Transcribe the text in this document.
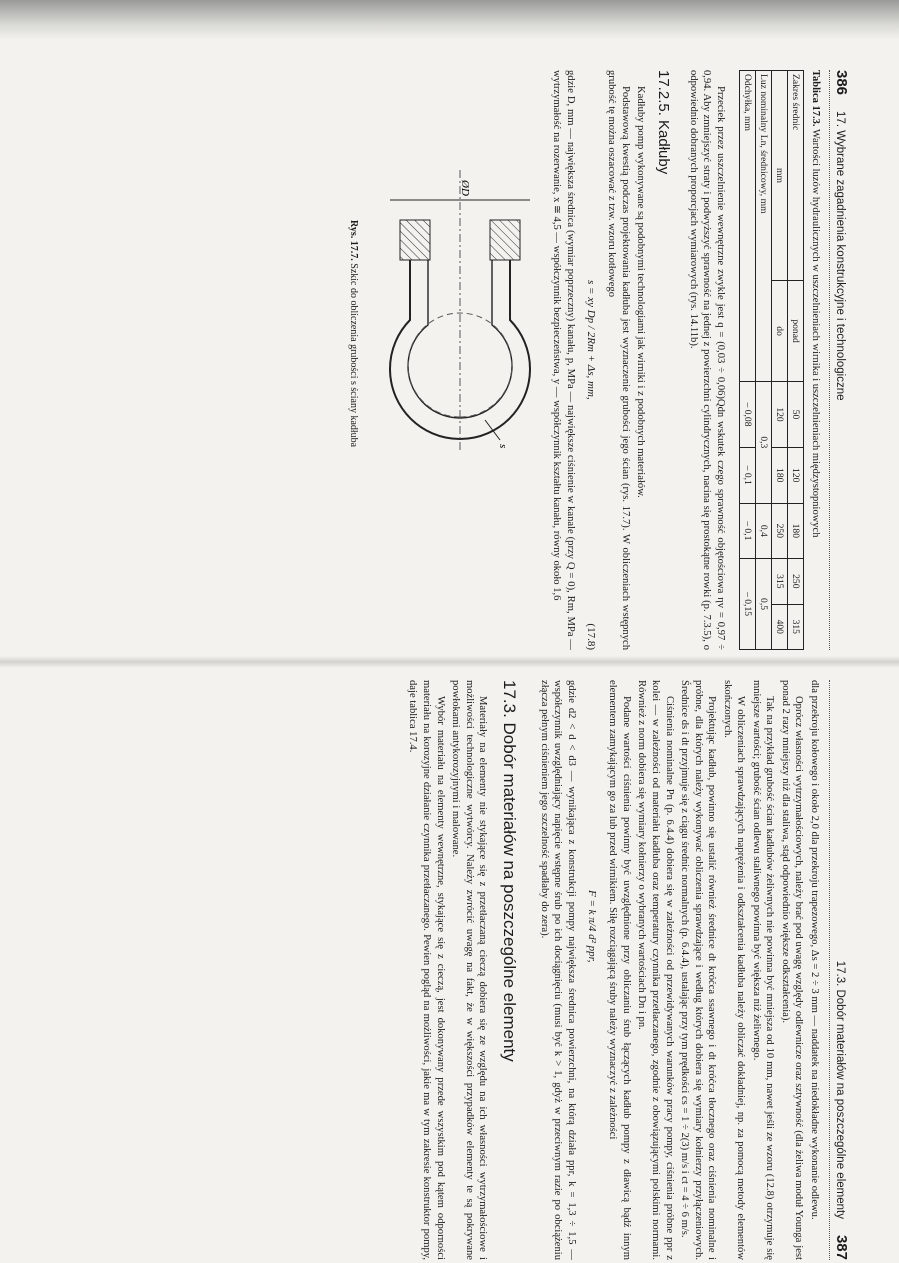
386
17. Wybrane zagadnienia konstrukcyjne i technologiczne
Tablica 17.3. Wartości luzów hydraulicznych w uszczelnieniach wirnika i uszczelnieniach międzystopniowych
Zakres średnic	ponad	50	120	180	250	315
mm	do	120	180	250	315	400
Luz nominalny Ln, średnicowy, mm		0,3		0,4	0,5	
Odchyłka, mm		– 0,08	– 0,1	– 0,1	– 0,15	

Przeciek przez uszczelnienie wewnętrzne zwykle jest q = (0,03 ÷ 0,06)Qdn wskutek czego sprawność objętościowa ηv = 0,97 ÷ 0,94. Aby zmniejszyć straty i podwyższyć sprawność na jednej z powierzchni cylindrycznych, nacina się prostokątne rowki (p. 7.3.5), o odpowiednio dobranych proporcjach wymiarowych (rys. 14.11b).

17.2.5. Kadłuby

Kadłuby pomp wykonywane są podobnymi technologiami jak wirniki i z podobnych materiałów.

Podstawową kwestią podczas projektowania kadłuba jest wyznaczenie grubości jego ścian (rys. 17.7). W obliczeniach wstępnych grubość tę można oszacować z tzw. wzoru kotłowego

s = xy Dp / 2Rm + Δs, mm,
(17.8)

gdzie D, mm — największa średnica (wymiar poprzeczny) kanału, p, MPa — największe ciśnienie w kanale (przy Q = 0), Rm, MPa — wytrzymałość na rozerwanie, x ≅ 4,5 — współczynnik bezpieczeństwa, y — współczynnik kształtu kanału, równy około 1,6

ØD
s
Rys. 17.7. Szkic do obliczenia grubości s ściany kadłuba
17.3. Dobór materiałów na poszczególne elementy
387

dla przekroju kołowego i około 2,0 dla przekroju trapezowego, Δs = 2 ÷ 3 mm — naddatek na niedokładne wykonanie odlewu.

Oprócz własności wytrzymałościowych, należy brać pod uwagę względy odlewnicze oraz sztywność (dla żeliwa moduł Younga jest ponad 2 razy mniejszy niż dla staliwa, stąd odpowiednio większe odkształcenia).

Tak na przykład grubość ścian kadłubów żeliwnych nie powinna być mniejsza od 10 mm, nawet jeśli ze wzoru (12.8) otrzymuje się mniejsze wartości; grubość ścian odlewu staliwnego powinna być większa niż żeliwnego.

W obliczeniach sprawdzających naprężenia i odkształcenia kadłuba należy obliczać dokładniej, np. za pomocą metody elementów skończonych.

Projektując kadłub, powinno się ustalić również średnice dt króćca ssawnego i dt króćca tłocznego oraz ciśnienia nominalne i próbne, dla których należy wykonywać obliczenia sprawdzające i według których dobiera się wymiary kołnierzy przyłączeniowych. Średnice ds i dt przyjmuje się z ciągu średnic normalnych (p. 6.4.4), ustalając przy tym prędkości cs = 1 ÷ 2(3) m/s i ct = 4 ÷ 6 m/s.

Ciśnienia nominalne Pn (p. 6.4.4) dobiera się w zależności od przewidywanych warunków pracy pompy, ciśnienia próbne ppr z kolei — w zależności od materiału kadłuba oraz temperatury czynnika przetłaczanego, zgodnie z obowiązującymi polskimi normami. Również z norm dobiera się wymiary kołnierzy o wybranych wartościach Dn i pn.

Podane wartości ciśnienia powinny być uwzględnione przy obliczaniu śrub łączących kadłub pompy z dławicą bądź innym elementem zamykającym go za lub przed wirnikiem. Siłę rozciągającą śruby należy wyznaczyć z zależności

F = k π/4 d² ppr,

gdzie d2 < d < d3 — wynikająca z konstrukcji pompy największa średnica powierzchni, na którą działa ppr, k = 1,3 ÷ 1,5 — współczynnik uwzględniający napięcie wstępne śrub po ich dociągnięciu (musi być k > 1, gdyż w przeciwnym razie po obciążeniu złącza pełnym ciśnieniem jego szczelność spadłaby do zera).

17.3. Dobór materiałów na poszczególne elementy

Materiały na elementy nie stykające się z przetłaczaną cieczą dobiera się ze względu na ich własności wytrzymałościowe i możliwości technologiczne wytwórcy. Należy zwrócić uwagę na fakt, że w większości przypadków elementy te są pokrywane powłokami antykorozyjnymi i malowane.

Wybór materiału na elementy wewnętrzne, stykające się z cieczą, jest dokonywany przede wszystkim pod kątem odporności materiału na korozyjne działanie czynnika przetłaczanego. Pewien pogląd na możliwości, jakie ma w tym zakresie konstruktor pompy, daje tablica 17.4.
